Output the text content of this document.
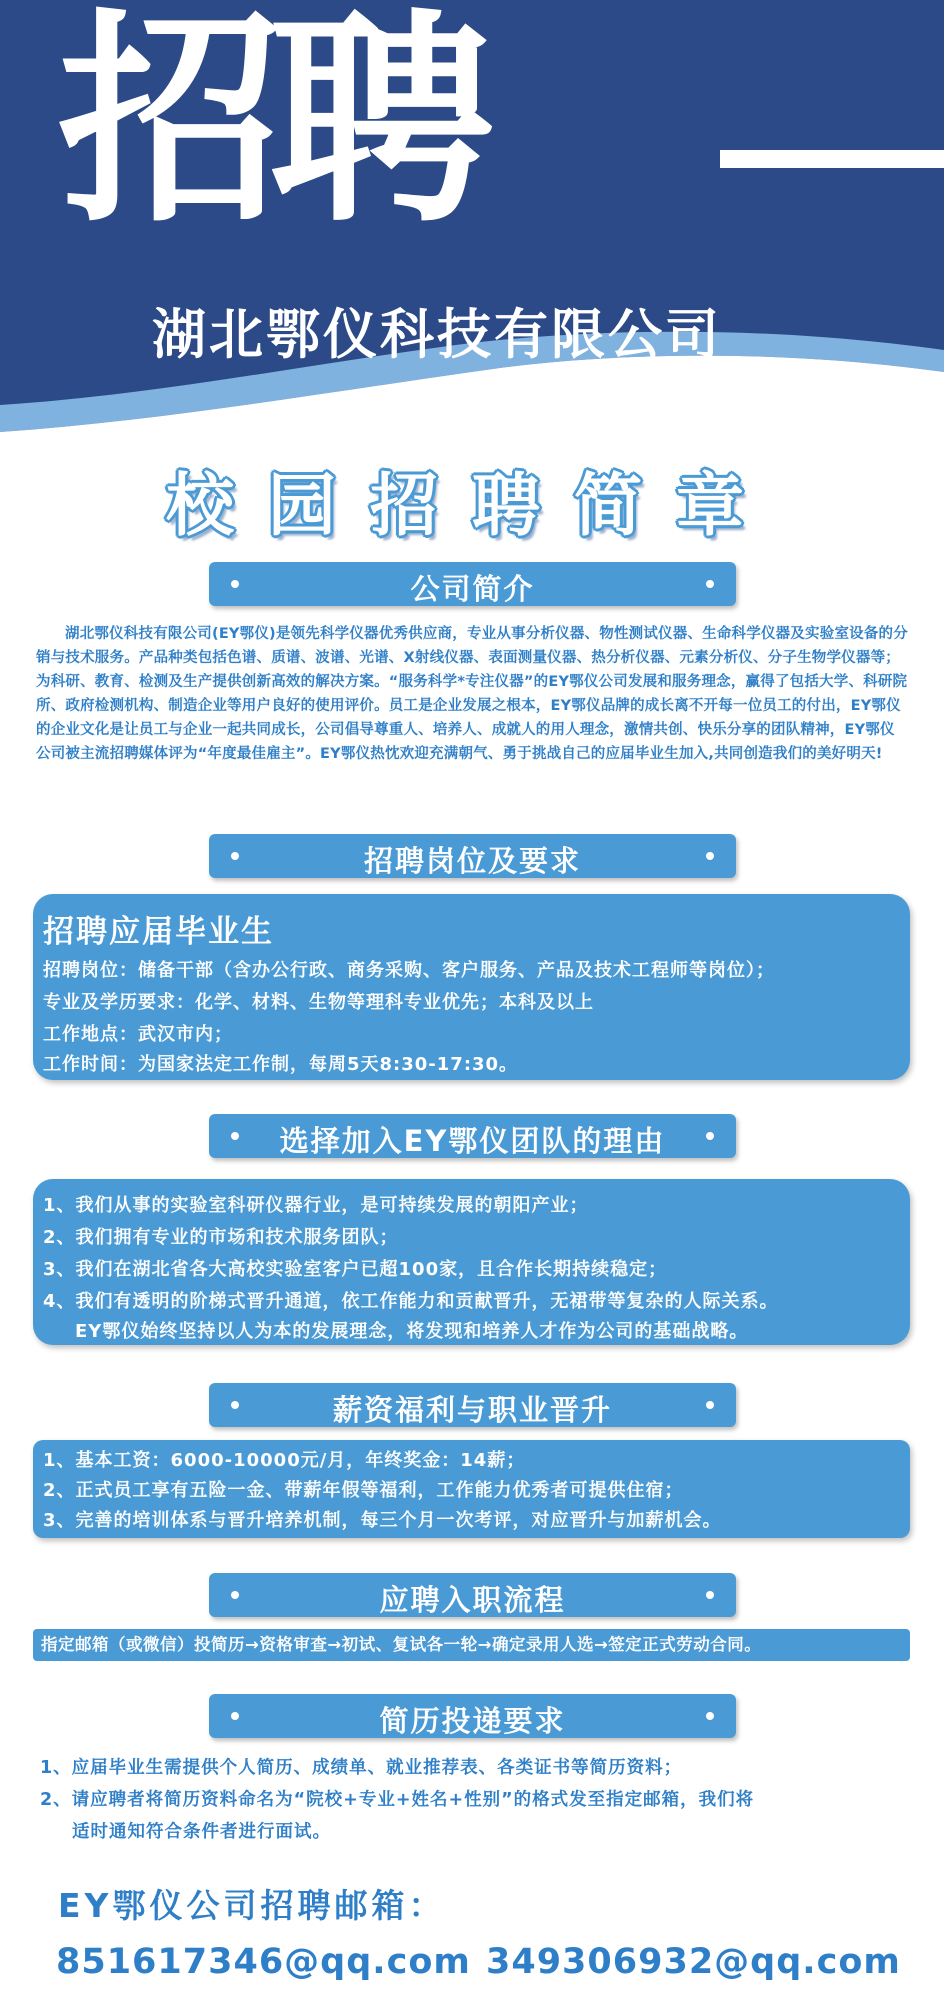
招聘
湖北鄂仪科技有限公司
校园招聘简章
公司简介
湖北鄂仪科技有限公司(EY鄂仪)是领先科学仪器优秀供应商，专业从事分析仪器、物性测试仪器、生命科学仪器及实验室设备的分销与技术服务。产品种类包括色谱、质谱、波谱、光谱、X射线仪器、表面测量仪器、热分析仪器、元素分析仪、分子生物学仪器等；为科研、教育、检测及生产提供创新高效的解决方案。“服务科学*专注仪器”的EY鄂仪公司发展和服务理念，赢得了包括大学、科研院所、政府检测机构、制造企业等用户良好的使用评价。员工是企业发展之根本，EY鄂仪品牌的成长离不开每一位员工的付出，EY鄂仪的企业文化是让员工与企业一起共同成长，公司倡导尊重人、培养人、成就人的用人理念，激情共创、快乐分享的团队精神，EY鄂仪公司被主流招聘媒体评为“年度最佳雇主”。EY鄂仪热忱欢迎充满朝气、勇于挑战自己的应届毕业生加入,共同创造我们的美好明天!
招聘岗位及要求
招聘应届毕业生
招聘岗位：储备干部（含办公行政、商务采购、客户服务、产品及技术工程师等岗位）；
专业及学历要求：化学、材料、生物等理科专业优先；本科及以上
工作地点：武汉市内；
工作时间：为国家法定工作制，每周5天8:30-17:30。
选择加入EY鄂仪团队的理由
1、我们从事的实验室科研仪器行业，是可持续发展的朝阳产业；
2、我们拥有专业的市场和技术服务团队；
3、我们在湖北省各大高校实验室客户已超100家，且合作长期持续稳定；
4、我们有透明的阶梯式晋升通道，依工作能力和贡献晋升，无裙带等复杂的人际关系。
EY鄂仪始终坚持以人为本的发展理念，将发现和培养人才作为公司的基础战略。
薪资福利与职业晋升
1、基本工资：6000-10000元/月，年终奖金：14薪；
2、正式员工享有五险一金、带薪年假等福利，工作能力优秀者可提供住宿；
3、完善的培训体系与晋升培养机制，每三个月一次考评，对应晋升与加薪机会。
应聘入职流程
指定邮箱（或微信）投简历→资格审查→初试、复试各一轮→确定录用人选→签定正式劳动合同。
简历投递要求
1、应届毕业生需提供个人简历、成绩单、就业推荐表、各类证书等简历资料；
2、请应聘者将简历资料命名为“院校+专业+姓名+性别”的格式发至指定邮箱，我们将
适时通知符合条件者进行面试。
EY鄂仪公司招聘邮箱：
851617346@qq.com 349306932@qq.com
